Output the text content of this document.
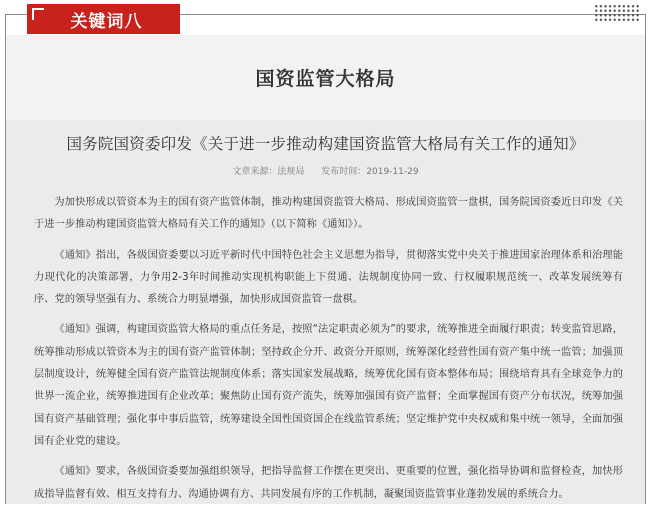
关键词八
国资监管大格局
国务院国资委印发《关于进一步推动构建国资监管大格局有关工作的通知》
文章来源：法规局 发布时间：2019-11-29

为加快形成以管资本为主的国有资产监管体制，推动构建国资监管大格局、形成国资监管一盘棋，国务院国资委近日印发《关于进一步推动构建国资监管大格局有关工作的通知》（以下简称《通知》）。

《通知》指出，各级国资委要以习近平新时代中国特色社会主义思想为指导，贯彻落实党中央关于推进国家治理体系和治理能力现代化的决策部署，力争用2-3年时间推动实现机构职能上下贯通、法规制度协同一致、行权履职规范统一、改革发展统筹有序、党的领导坚强有力、系统合力明显增强，加快形成国资监管一盘棋。

《通知》强调，构建国资监管大格局的重点任务是，按照“法定职责必须为”的要求，统筹推进全面履行职责；转变监管思路，统筹推动形成以管资本为主的国有资产监管体制；坚持政企分开、政资分开原则，统筹深化经营性国有资产集中统一监管；加强顶层制度设计，统筹健全国有资产监管法规制度体系；落实国家发展战略，统筹优化国有资本整体布局；围绕培育具有全球竞争力的世界一流企业，统筹推进国有企业改革；聚焦防止国有资产流失，统筹加强国有资产监督；全面掌握国有资产分布状况，统筹加强国有资产基础管理；强化事中事后监管，统筹建设全国性国资国企在线监管系统；坚定维护党中央权威和集中统一领导，全面加强国有企业党的建设。

《通知》要求，各级国资委要加强组织领导，把指导监督工作摆在更突出、更重要的位置，强化指导协调和监督检查，加快形成指导监督有效、相互支持有力、沟通协调有方、共同发展有序的工作机制，凝聚国资监管事业蓬勃发展的系统合力。
